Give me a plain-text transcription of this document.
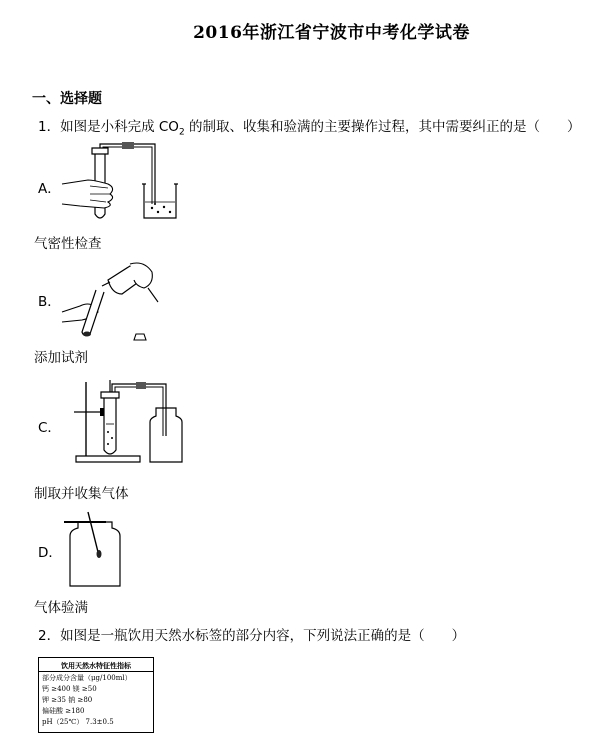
2016年浙江省宁波市中考化学试卷
一、选择题
1．如图是小科完成 $CO_2$ 的制取、收集和验满的主要操作过程，其中需要纠正的是（　　）
A．
气密性检查
B．
添加试剂
C．
制取并收集气体
D．
气体验满
2．如图是一瓶饮用天然水标签的部分内容，下列说法正确的是（　　）
饮用天然水特征性指标
部分成分含量（μg/100ml）
钙 ≥400 镁 ≥50
钾 ≥35 钠 ≥80
偏硅酸 ≥180
pH（25℃） 7.3±0.5
